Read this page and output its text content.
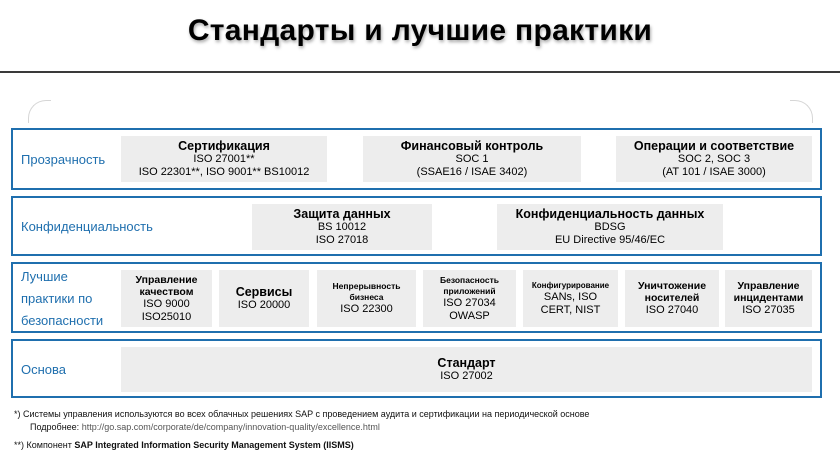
Стандарты и лучшие практики
Прозрачность
Сертификация
ISO 27001**
ISO 22301**, ISO 9001** BS10012
Финансовый контроль
SOC 1
(SSAE16 / ISAE 3402)
Операции и соответствие
SOC 2, SOC 3
(AT 101 / ISAE 3000)
Конфиденциальность
Защита данных
BS 10012
ISO 27018
Конфиденциальность данных
BDSG
EU Directive 95/46/EC
Лучшие
практики по
безопасности
Управление качеством
ISO 9000
ISO25010
Сервисы
ISO 20000
Непрерывность бизнеса
ISO 22300
Безопасность приложений
ISO 27034
OWASP
Конфигурирование
SANs, ISO
CERT, NIST
Уничтожение носителей
ISO 27040
Управление инцидентами
ISO 27035
Основа	Стандарт
ISO 27002
*) Системы управления используются во всех облачных решениях SAP с проведением аудита и сертификации на периодической основе
Подробнее: http://go.sap.com/corporate/de/company/innovation-quality/excellence.html
**) Компонент SAP Integrated Information Security Management System (IISMS)
